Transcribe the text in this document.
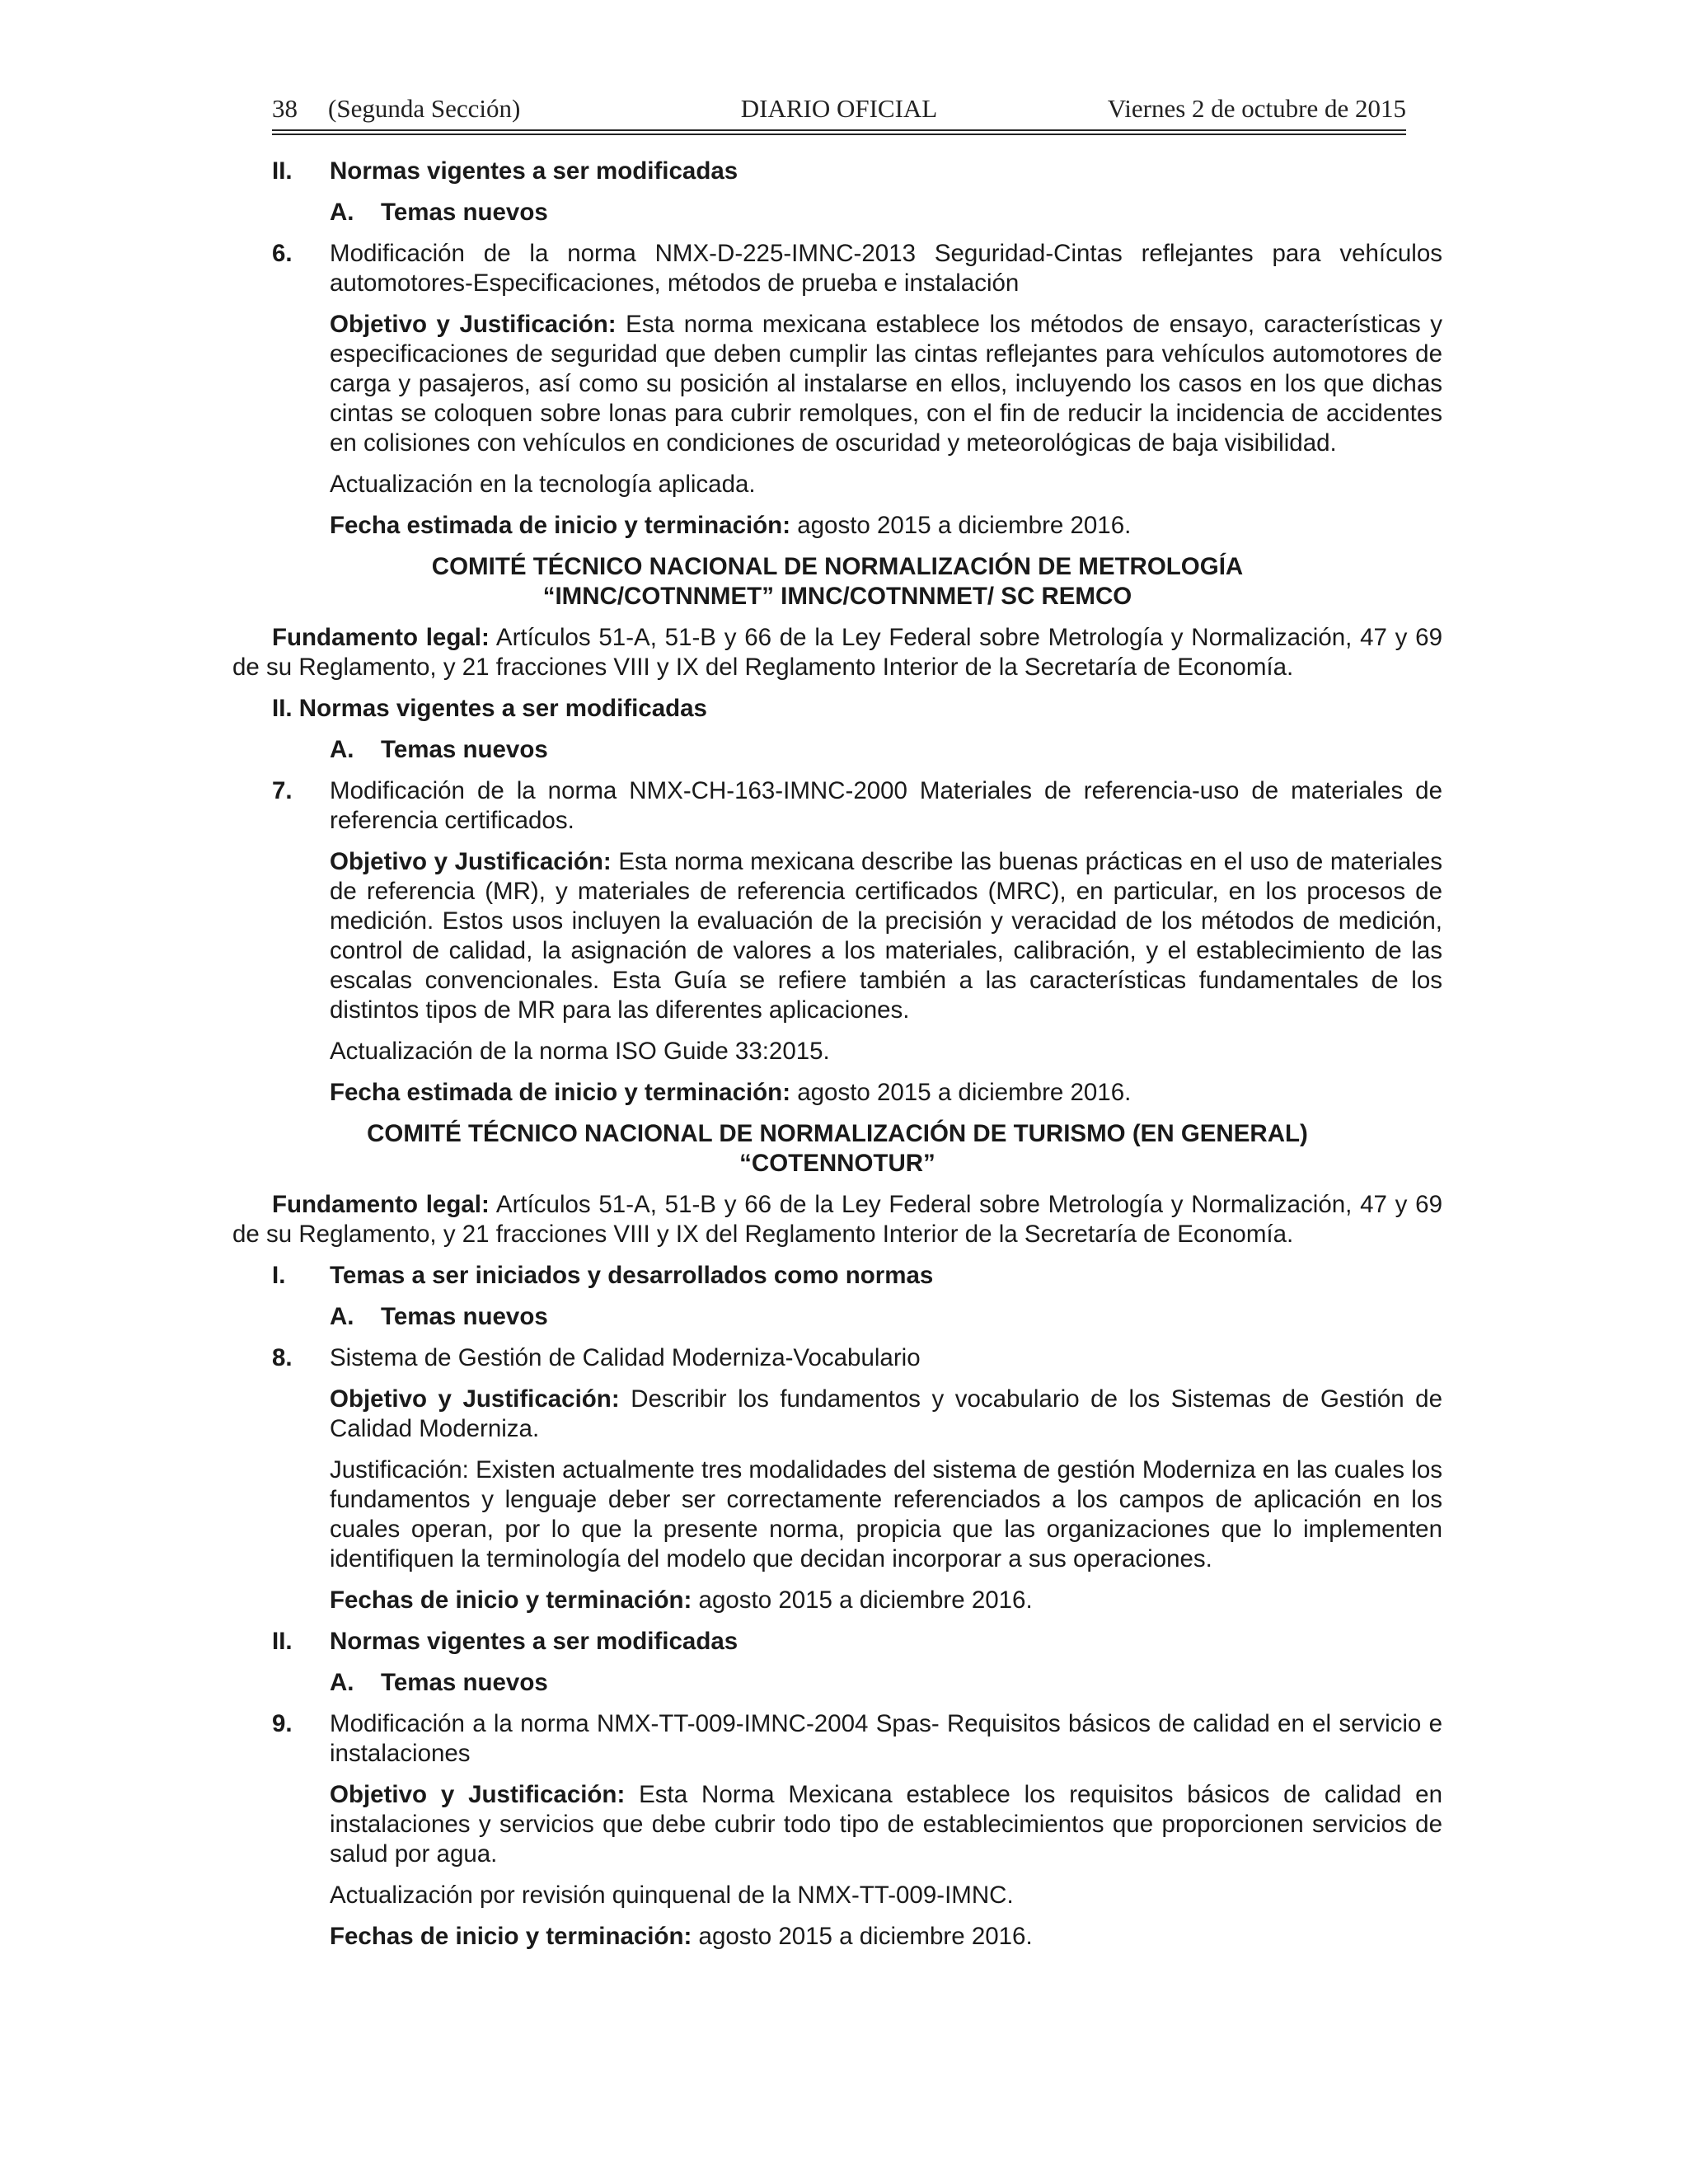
38 (Segunda Sección)	DIARIO OFICIAL	Viernes 2 de octubre de 2015
II. Normas vigentes a ser modificadas
A. Temas nuevos
6. Modificación de la norma NMX-D-225-IMNC-2013 Seguridad-Cintas reflejantes para vehículos automotores-Especificaciones, métodos de prueba e instalación

Objetivo y Justificación: Esta norma mexicana establece los métodos de ensayo, características y especificaciones de seguridad que deben cumplir las cintas reflejantes para vehículos automotores de carga y pasajeros, así como su posición al instalarse en ellos, incluyendo los casos en los que dichas cintas se coloquen sobre lonas para cubrir remolques, con el fin de reducir la incidencia de accidentes en colisiones con vehículos en condiciones de oscuridad y meteorológicas de baja visibilidad.

Actualización en la tecnología aplicada.

Fecha estimada de inicio y terminación: agosto 2015 a diciembre 2016.

COMITÉ TÉCNICO NACIONAL DE NORMALIZACIÓN DE METROLOGÍA
“IMNC/COTNNMET” IMNC/COTNNMET/ SC REMCO

Fundamento legal: Artículos 51-A, 51-B y 66 de la Ley Federal sobre Metrología y Normalización, 47 y 69 de su Reglamento, y 21 fracciones VIII y IX del Reglamento Interior de la Secretaría de Economía.

II. Normas vigentes a ser modificadas
A. Temas nuevos
7. Modificación de la norma NMX-CH-163-IMNC-2000 Materiales de referencia-uso de materiales de referencia certificados.

Objetivo y Justificación: Esta norma mexicana describe las buenas prácticas en el uso de materiales de referencia (MR), y materiales de referencia certificados (MRC), en particular, en los procesos de medición. Estos usos incluyen la evaluación de la precisión y veracidad de los métodos de medición, control de calidad, la asignación de valores a los materiales, calibración, y el establecimiento de las escalas convencionales. Esta Guía se refiere también a las características fundamentales de los distintos tipos de MR para las diferentes aplicaciones.

Actualización de la norma ISO Guide 33:2015.

Fecha estimada de inicio y terminación: agosto 2015 a diciembre 2016.

COMITÉ TÉCNICO NACIONAL DE NORMALIZACIÓN DE TURISMO (EN GENERAL)
“COTENNOTUR”

Fundamento legal: Artículos 51-A, 51-B y 66 de la Ley Federal sobre Metrología y Normalización, 47 y 69 de su Reglamento, y 21 fracciones VIII y IX del Reglamento Interior de la Secretaría de Economía.

I. Temas a ser iniciados y desarrollados como normas
A. Temas nuevos
8. Sistema de Gestión de Calidad Moderniza-Vocabulario

Objetivo y Justificación: Describir los fundamentos y vocabulario de los Sistemas de Gestión de Calidad Moderniza.

Justificación: Existen actualmente tres modalidades del sistema de gestión Moderniza en las cuales los fundamentos y lenguaje deber ser correctamente referenciados a los campos de aplicación en los cuales operan, por lo que la presente norma, propicia que las organizaciones que lo implementen identifiquen la terminología del modelo que decidan incorporar a sus operaciones.

Fechas de inicio y terminación: agosto 2015 a diciembre 2016.

II. Normas vigentes a ser modificadas
A. Temas nuevos
9. Modificación a la norma NMX-TT-009-IMNC-2004 Spas- Requisitos básicos de calidad en el servicio e instalaciones

Objetivo y Justificación: Esta Norma Mexicana establece los requisitos básicos de calidad en instalaciones y servicios que debe cubrir todo tipo de establecimientos que proporcionen servicios de salud por agua.

Actualización por revisión quinquenal de la NMX-TT-009-IMNC.

Fechas de inicio y terminación: agosto 2015 a diciembre 2016.
